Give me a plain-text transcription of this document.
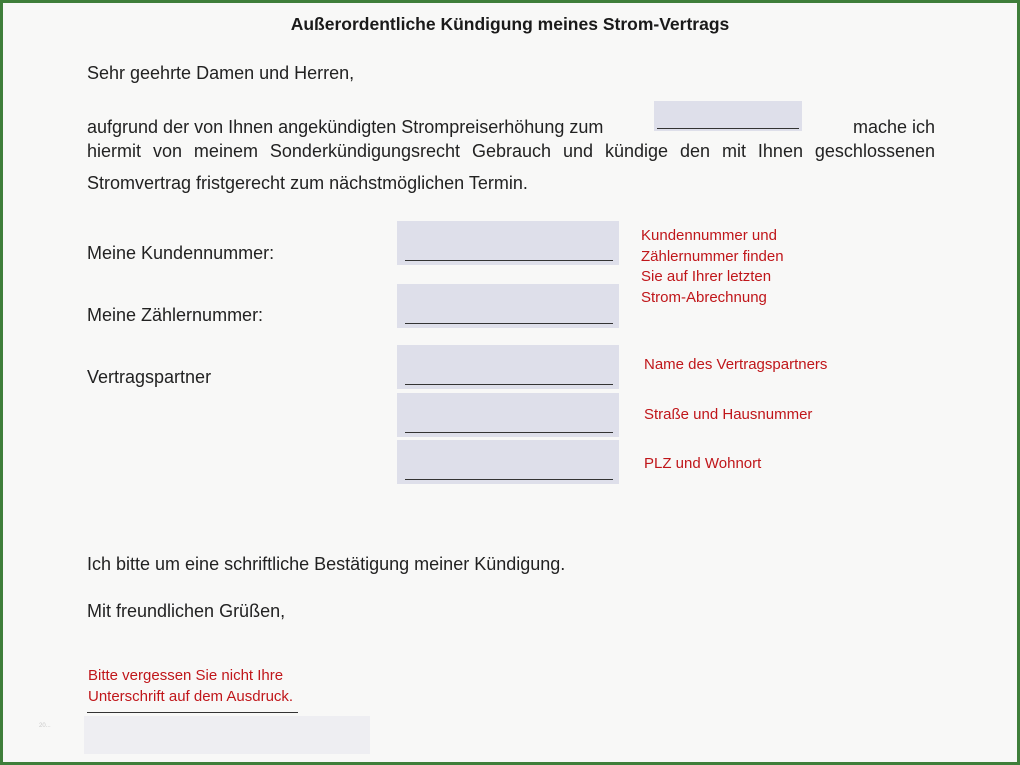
Außerordentliche Kündigung meines Strom-Vertrags
Sehr geehrte Damen und Herren,
aufgrund der von Ihnen angekündigten Strompreiserhöhung zum	mache ich
hiermit von meinem Sonderkündigungsrecht Gebrauch und kündige den mit Ihnen geschlossenen
Stromvertrag fristgerecht zum nächstmöglichen Termin.
Meine Kundennummer:
Meine Zählernummer:
Kundennummer und
Zählernummer finden
Sie auf Ihrer letzten
Strom-Abrechnung
Vertragspartner
Name des Vertragspartners
Straße und Hausnummer
PLZ und Wohnort
Ich bitte um eine schriftliche Bestätigung meiner Kündigung.
Mit freundlichen Grüßen,
Bitte vergessen Sie nicht Ihre
Unterschrift auf dem Ausdruck.
20...
